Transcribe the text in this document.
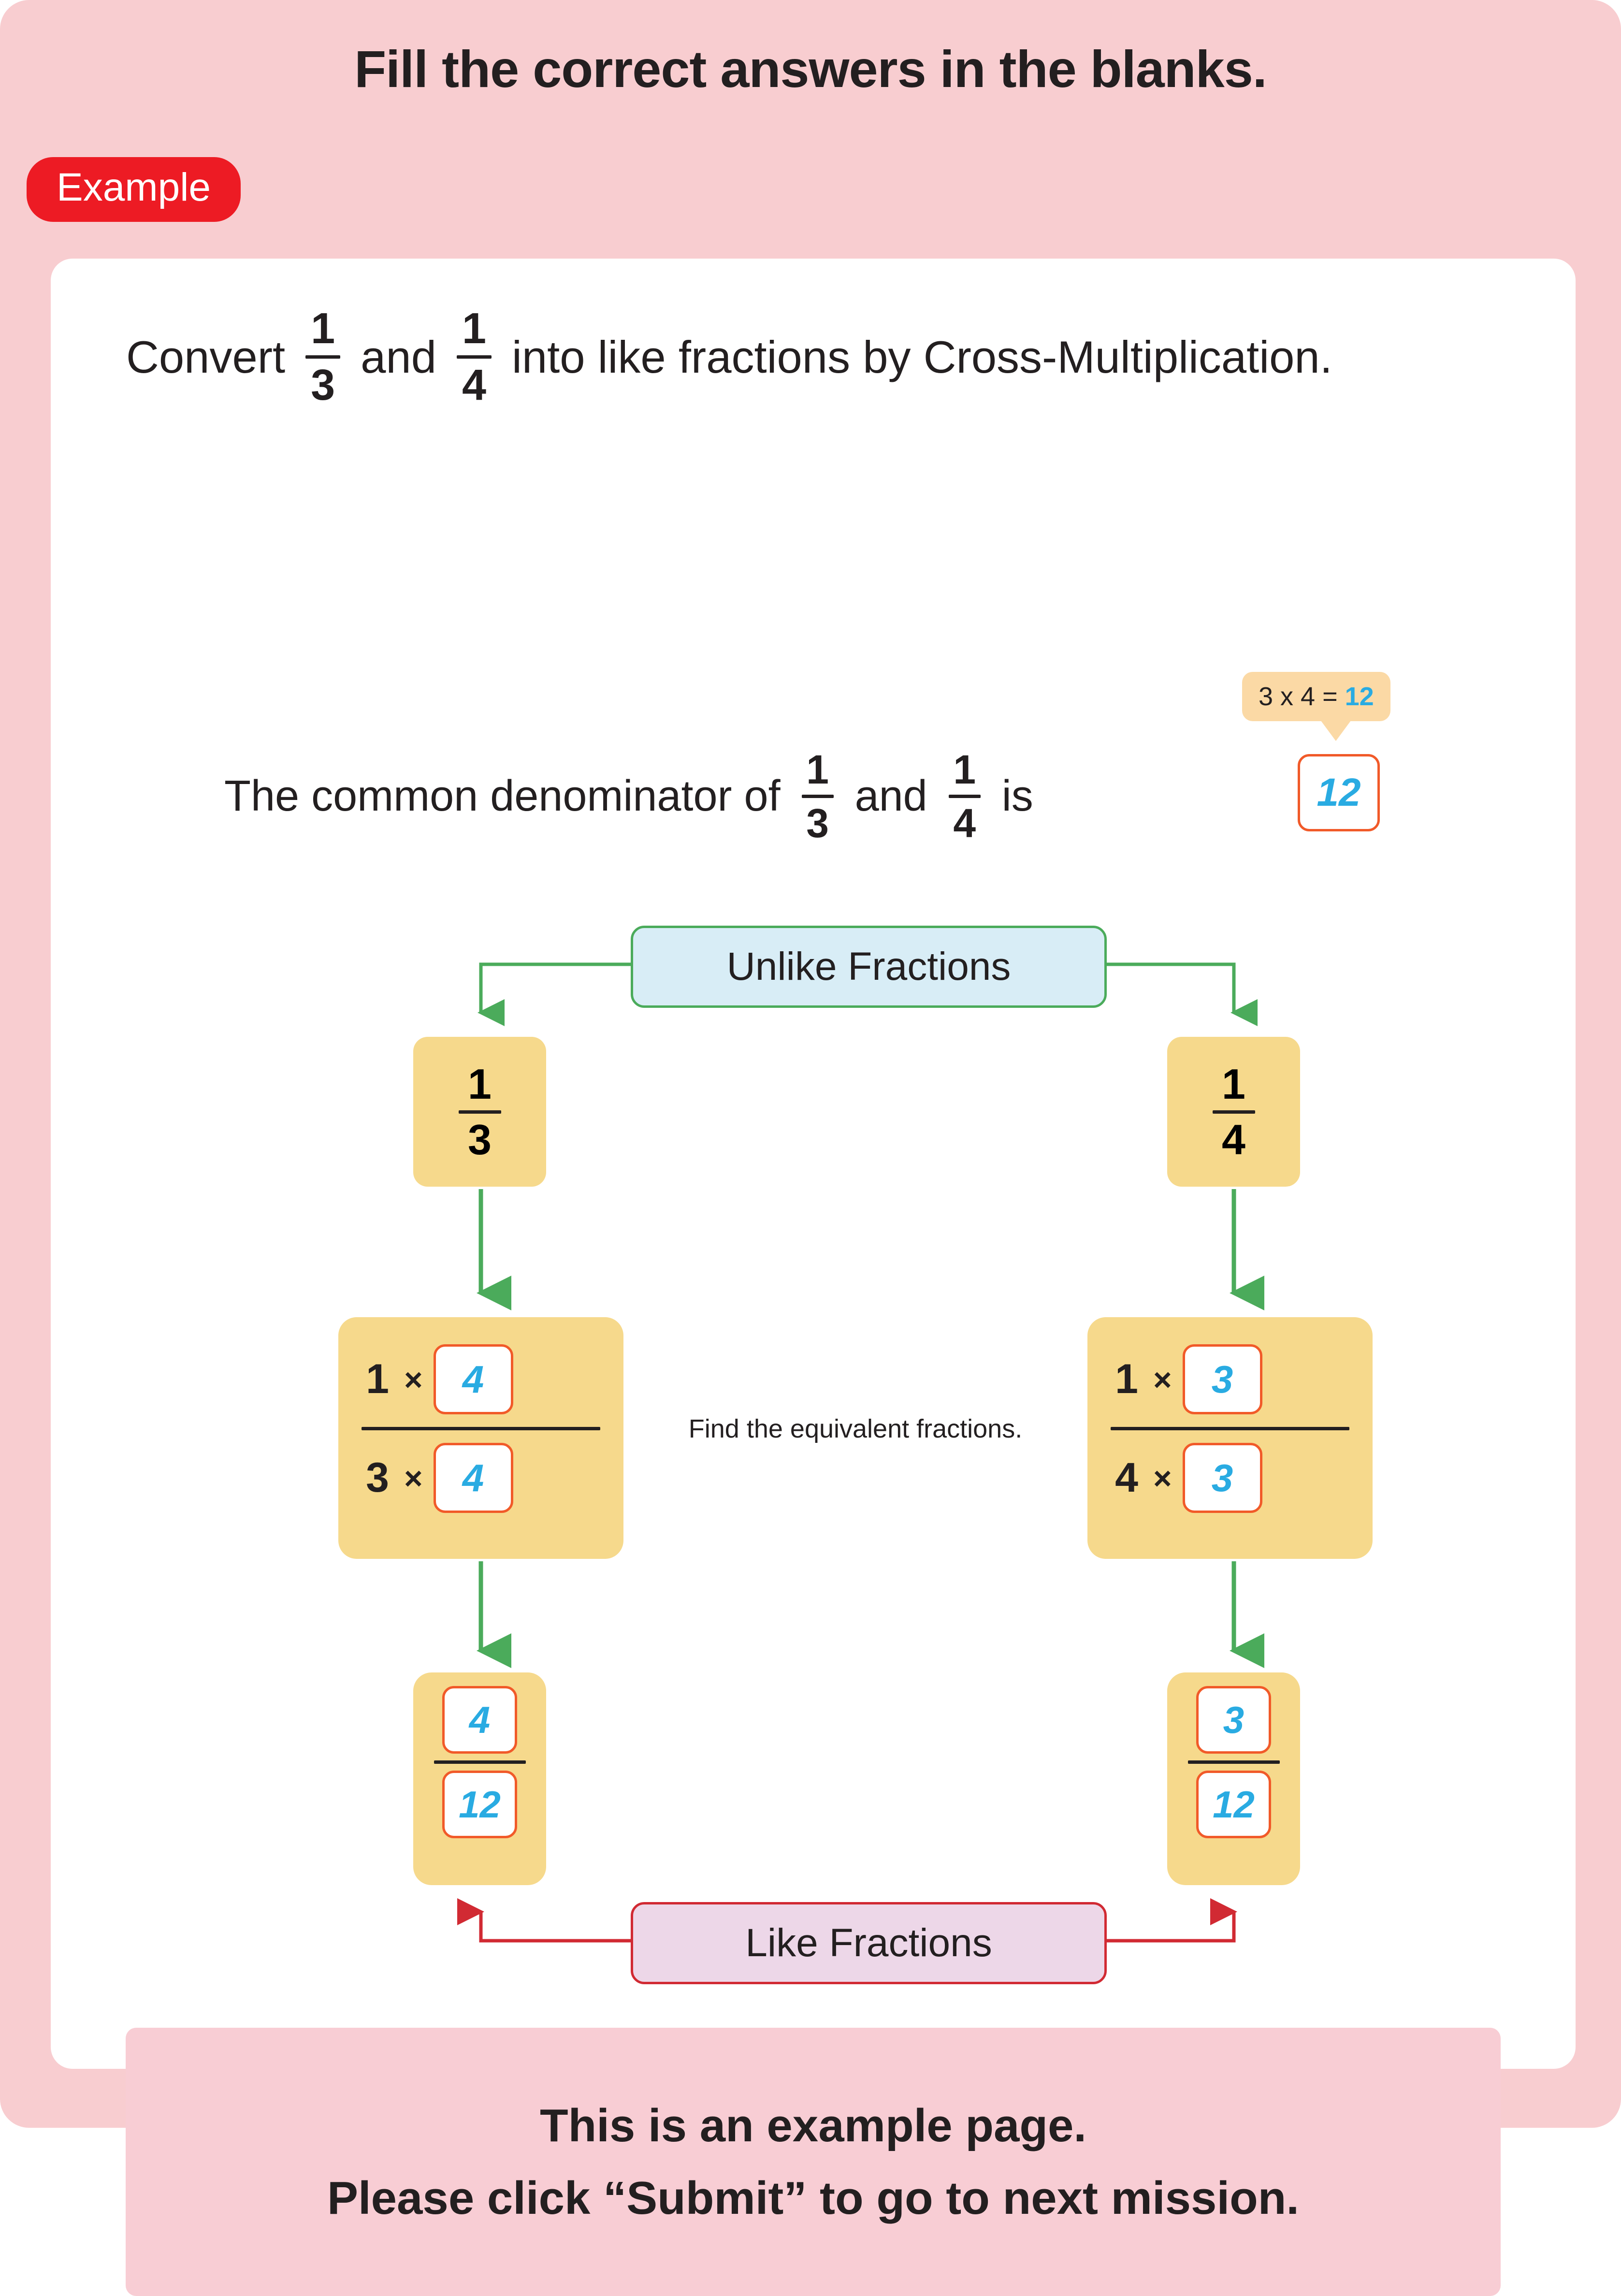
Fill the correct answers in the blanks.
Example
Convert
1
3
and
1
4
into like fractions by Cross-Multiplication.
3 x 4 = 12
The common denominator of
1
3
and
1
4
is	12
Unlike Fractions
1
3
1
4
1 ×	4
3 ×	4
1 ×	3
4 ×	3
Find the equivalent fractions.
$\frac{4}{12}$	$\frac{3}{12}$
Like Fractions
This is an example page.
Please click “Submit” to go to next mission.
